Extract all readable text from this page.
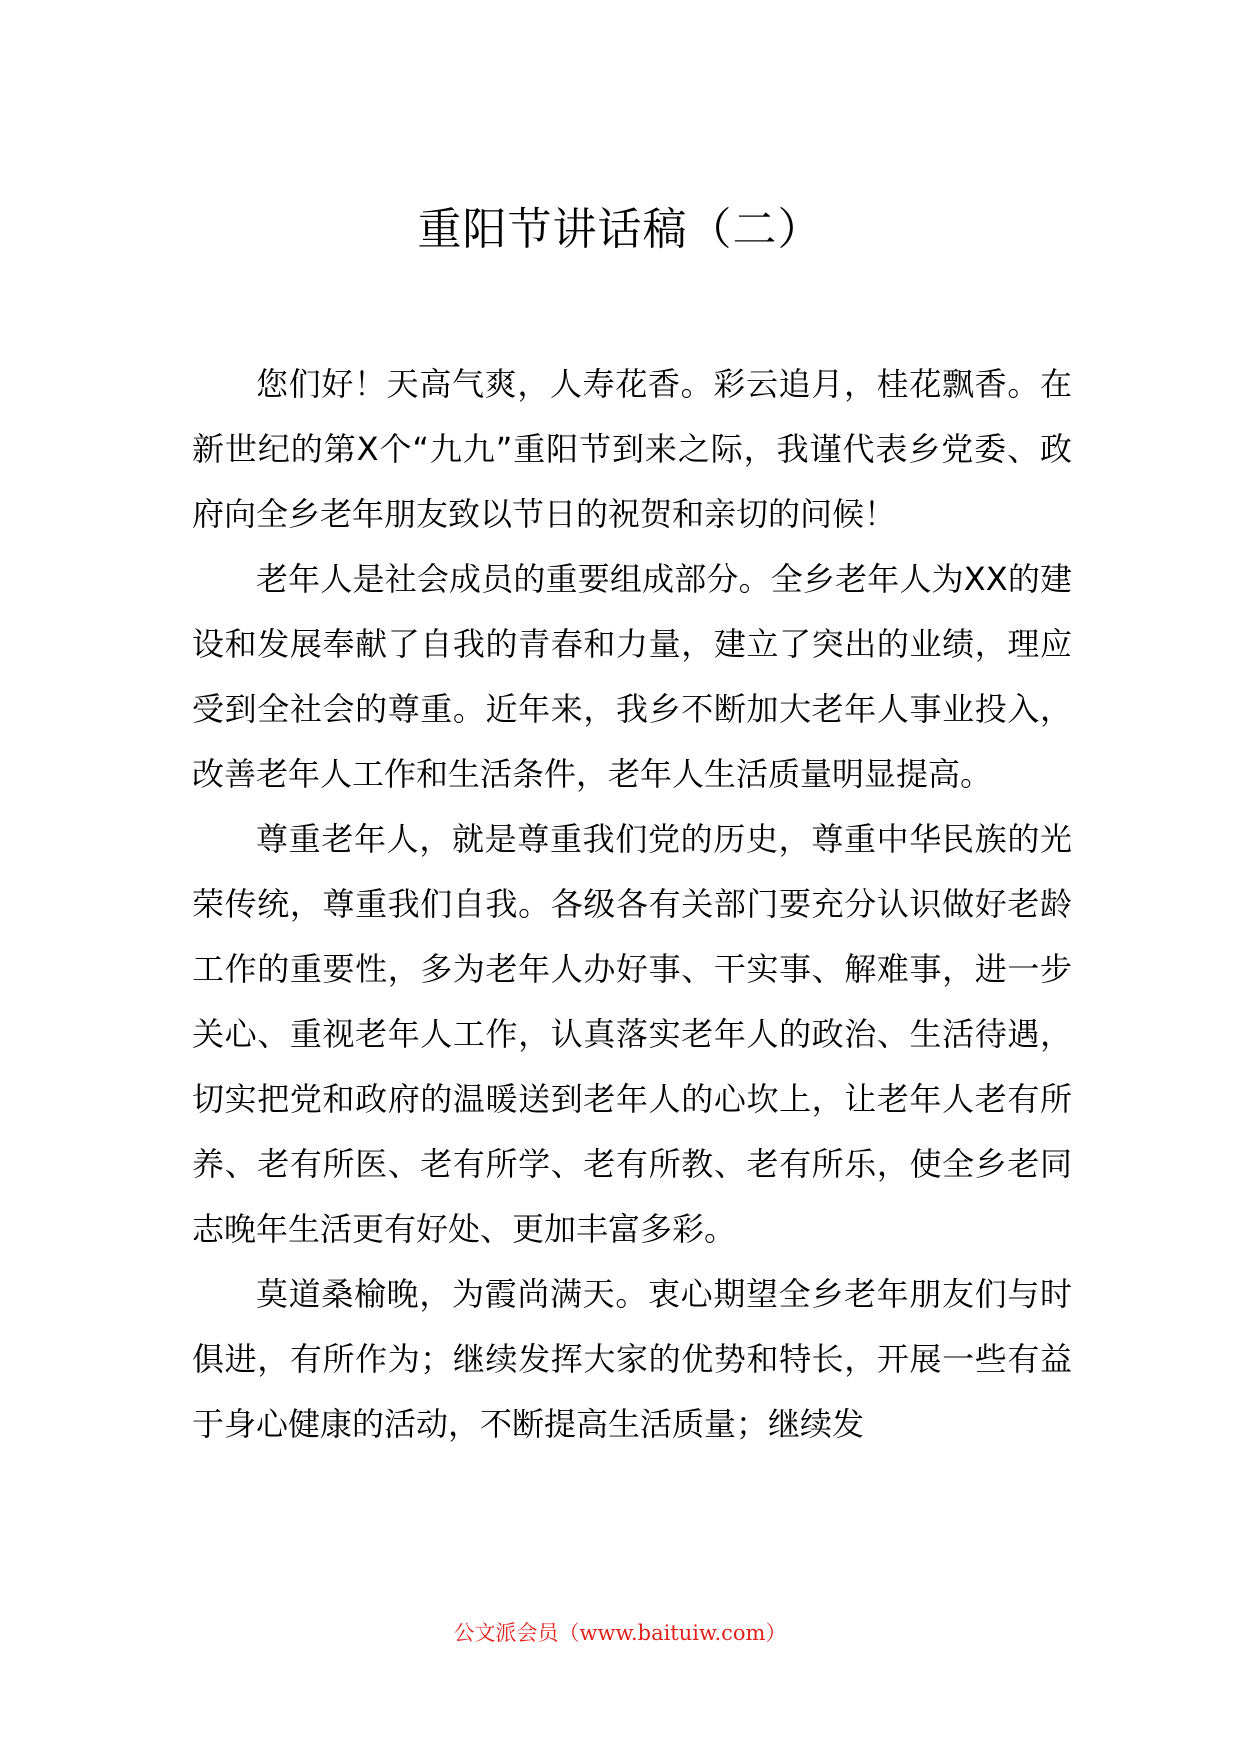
重阳节讲话稿（二）

您们好！天高气爽，人寿花香。彩云追月，桂花飘香。在新世纪的第X个“九九”重阳节到来之际，我谨代表乡党委、政府向全乡老年朋友致以节日的祝贺和亲切的问候！

老年人是社会成员的重要组成部分。全乡老年人为XX的建设和发展奉献了自我的青春和力量，建立了突出的业绩，理应受到全社会的尊重。近年来，我乡不断加大老年人事业投入，改善老年人工作和生活条件，老年人生活质量明显提高。

尊重老年人，就是尊重我们党的历史，尊重中华民族的光荣传统，尊重我们自我。各级各有关部门要充分认识做好老龄工作的重要性，多为老年人办好事、干实事、解难事，进一步关心、重视老年人工作，认真落实老年人的政治、生活待遇，切实把党和政府的温暖送到老年人的心坎上，让老年人老有所养、老有所医、老有所学、老有所教、老有所乐，使全乡老同志晚年生活更有好处、更加丰富多彩。

莫道桑榆晚，为霞尚满天。衷心期望全乡老年朋友们与时俱进，有所作为；继续发挥大家的优势和特长，开展一些有益于身心健康的活动，不断提高生活质量；继续发

公文派会员（www.baituiw.com）
